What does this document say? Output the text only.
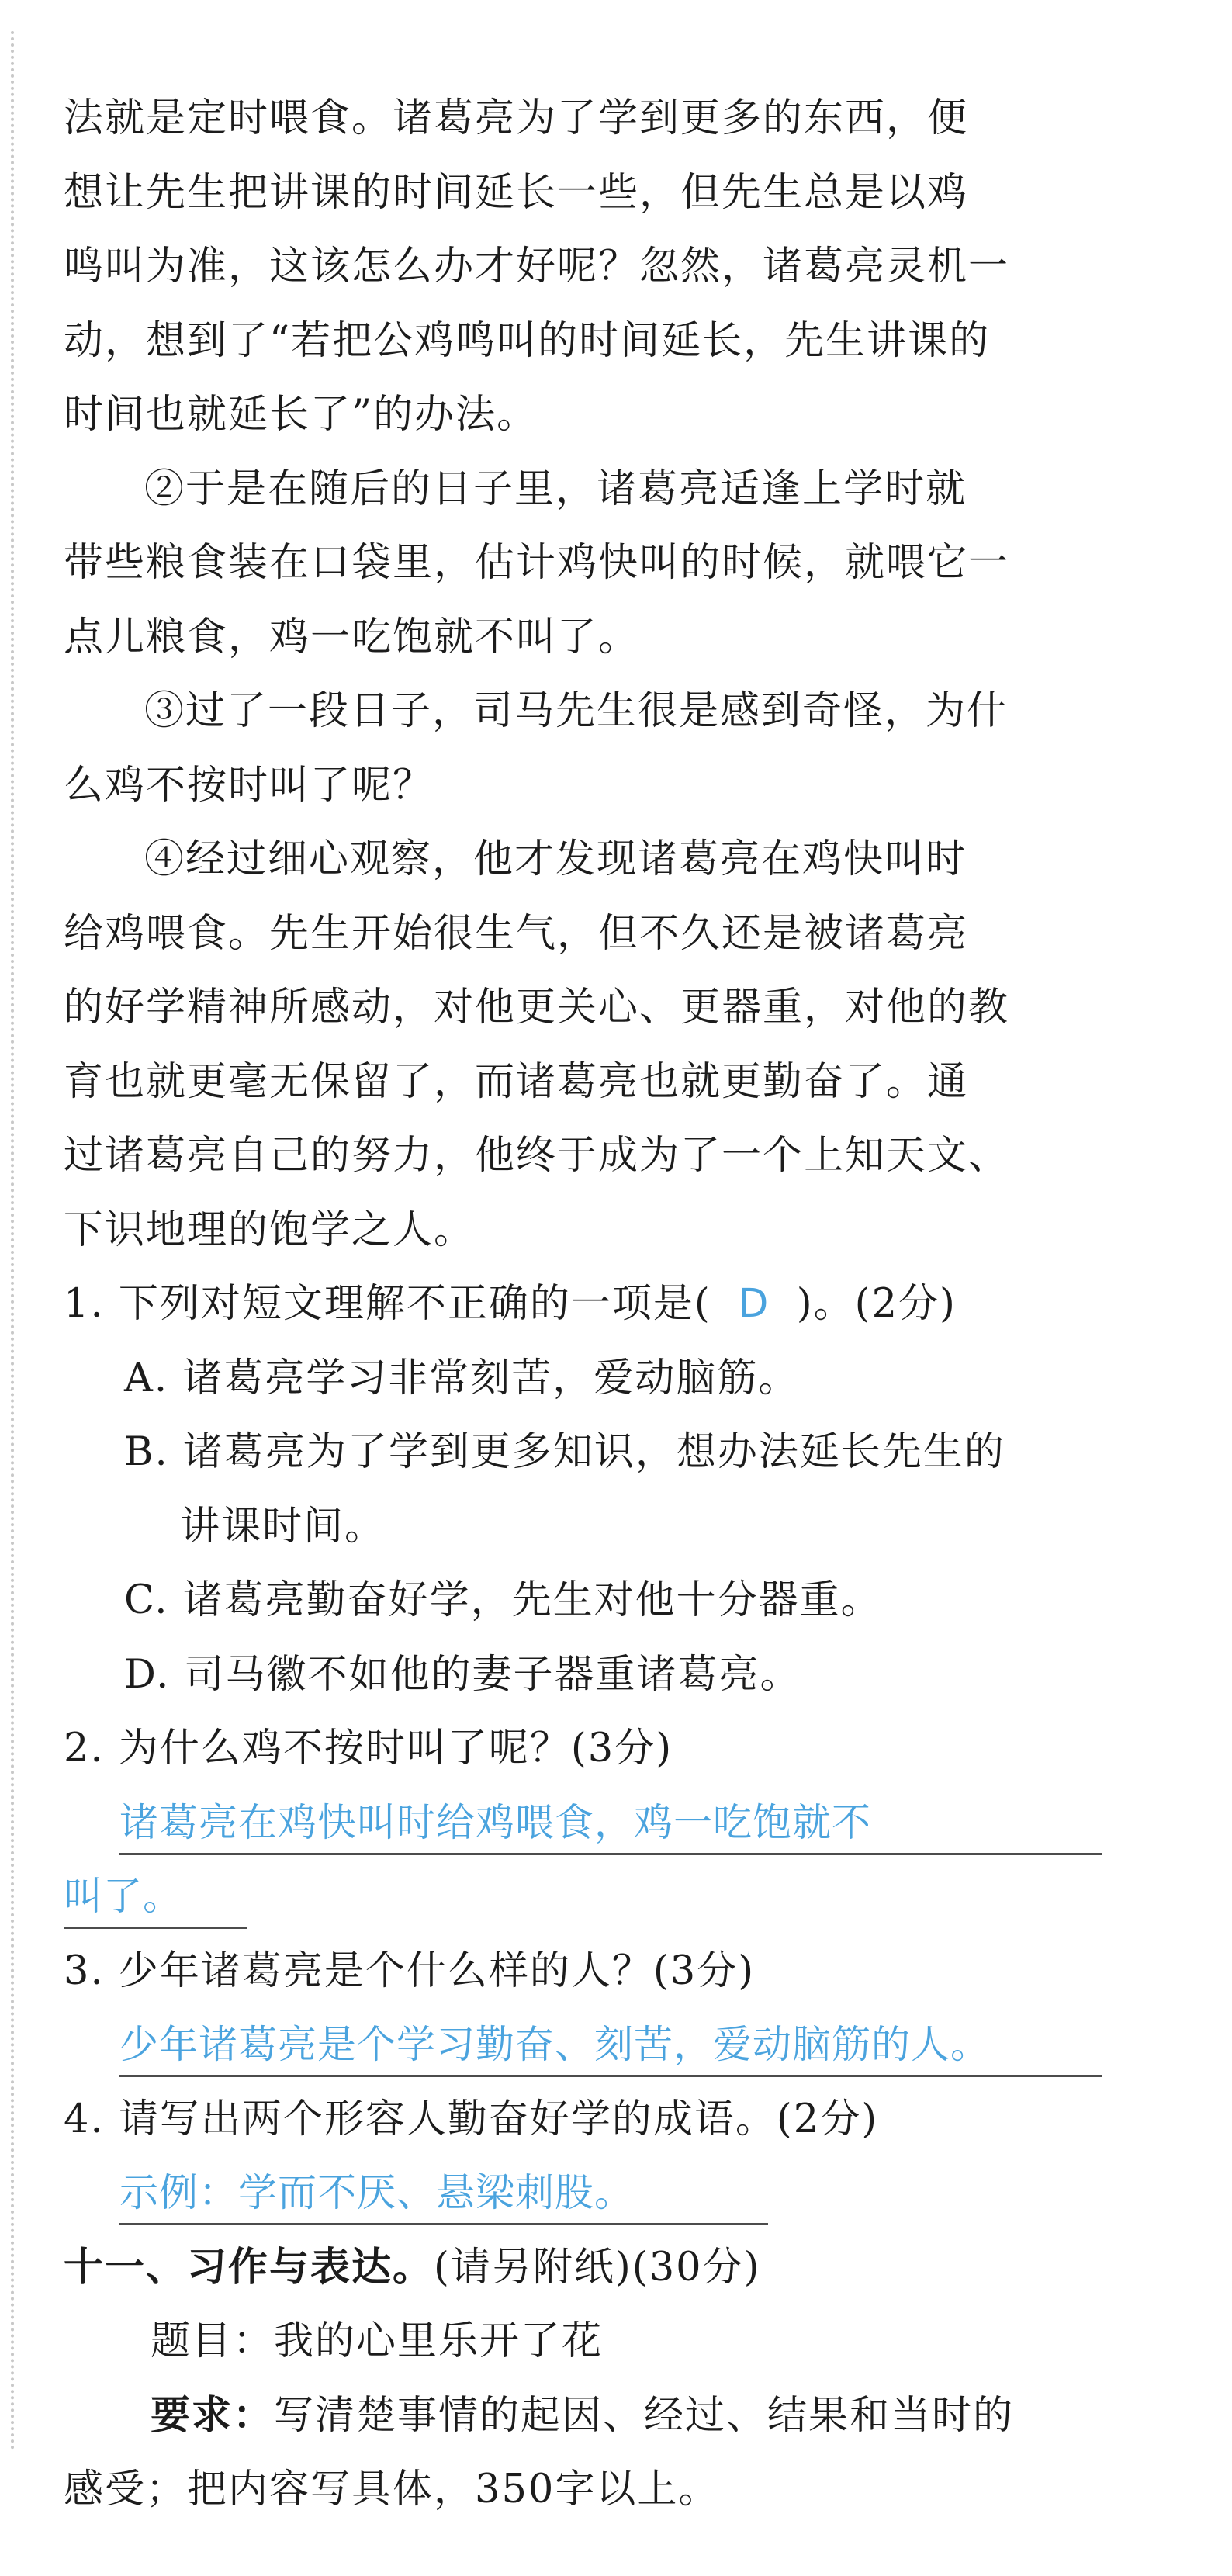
法就是定时喂食。诸葛亮为了学到更多的东西，便
想让先生把讲课的时间延长一些，但先生总是以鸡
鸣叫为准，这该怎么办才好呢？忽然，诸葛亮灵机一
动，想到了“若把公鸡鸣叫的时间延长，先生讲课的
时间也就延长了”的办法。
②于是在随后的日子里，诸葛亮适逢上学时就
带些粮食装在口袋里，估计鸡快叫的时候，就喂它一
点儿粮食，鸡一吃饱就不叫了。
③过了一段日子，司马先生很是感到奇怪，为什
么鸡不按时叫了呢？
④经过细心观察，他才发现诸葛亮在鸡快叫时
给鸡喂食。先生开始很生气，但不久还是被诸葛亮
的好学精神所感动，对他更关心、更器重，对他的教
育也就更毫无保留了，而诸葛亮也就更勤奋了。通
过诸葛亮自己的努力，他终于成为了一个上知天文、
下识地理的饱学之人。
1. 下列对短文理解不正确的一项是( D )。(2分)
A. 诸葛亮学习非常刻苦，爱动脑筋。
B. 诸葛亮为了学到更多知识，想办法延长先生的
讲课时间。
C. 诸葛亮勤奋好学，先生对他十分器重。
D. 司马徽不如他的妻子器重诸葛亮。
2. 为什么鸡不按时叫了呢？(3分)
诸葛亮在鸡快叫时给鸡喂食，鸡一吃饱就不
叫了。
3. 少年诸葛亮是个什么样的人？(3分)
少年诸葛亮是个学习勤奋、刻苦，爱动脑筋的人。
4. 请写出两个形容人勤奋好学的成语。(2分)
示例：学而不厌、悬梁刺股。
十一、习作与表达。(请另附纸)(30分)
题目：我的心里乐开了花
要求：写清楚事情的起因、经过、结果和当时的
感受；把内容写具体，350字以上。
